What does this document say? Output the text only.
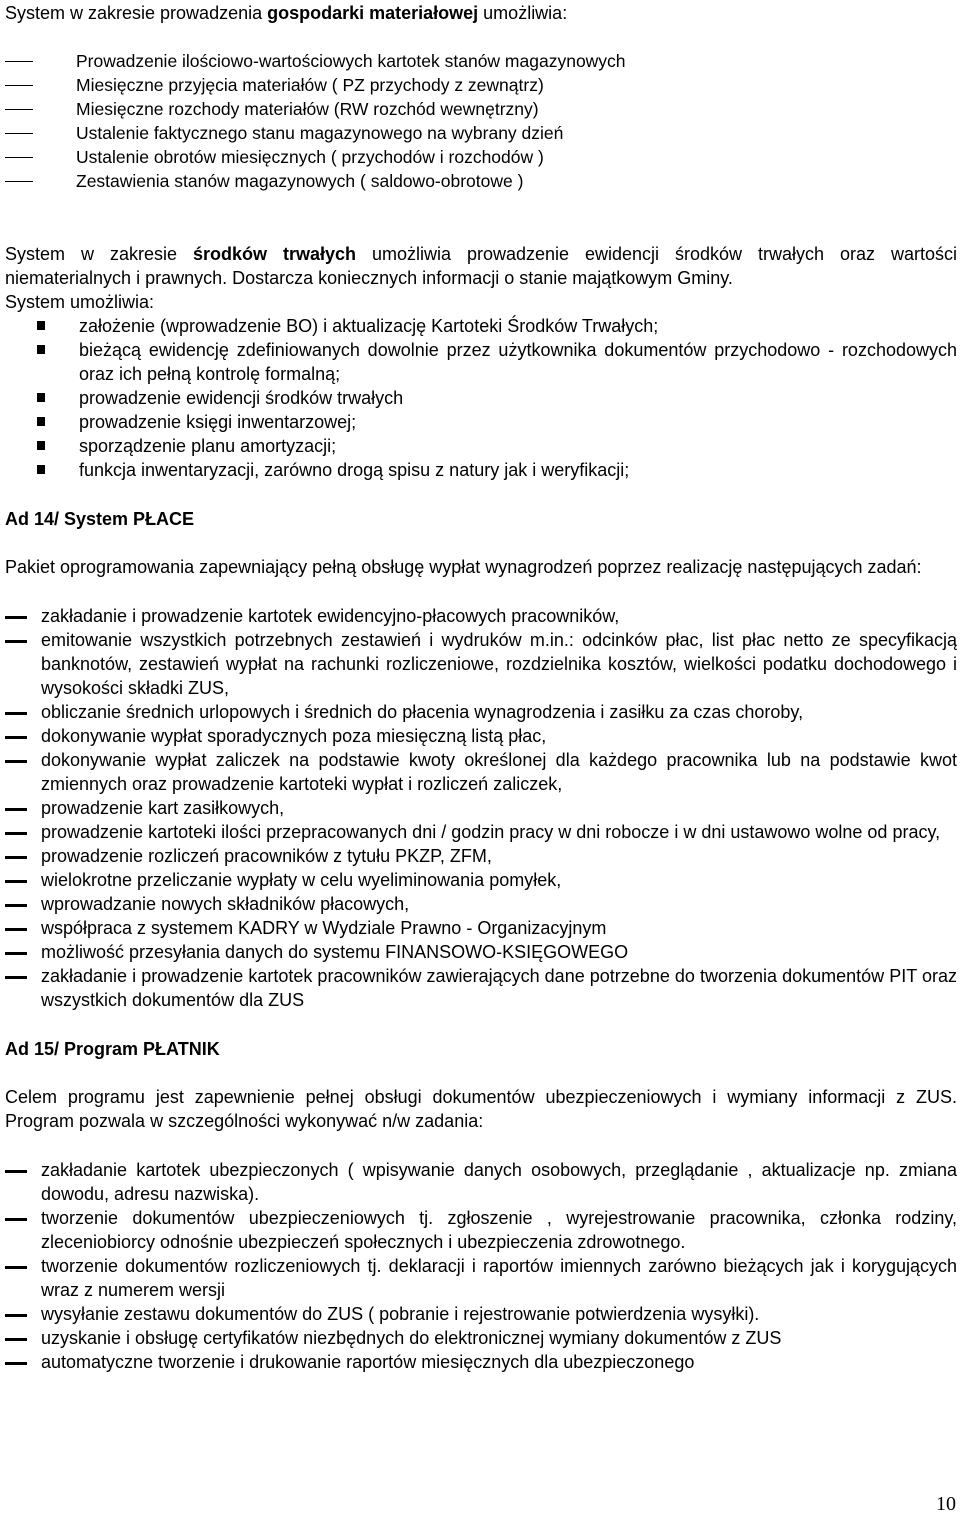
System w zakresie prowadzenia gospodarki materiałowej umożliwia:

Prowadzenie ilościowo-wartościowych kartotek stanów magazynowych
Miesięczne przyjęcia materiałów ( PZ przychody z zewnątrz)
Miesięczne rozchody materiałów (RW rozchód wewnętrzny)
Ustalenie faktycznego stanu magazynowego na wybrany dzień
Ustalenie obrotów miesięcznych ( przychodów i rozchodów )
Zestawienia stanów magazynowych ( saldowo-obrotowe )

System w zakresie środków trwałych umożliwia prowadzenie ewidencji środków trwałych oraz wartości niematerialnych i prawnych. Dostarcza koniecznych informacji o stanie majątkowym Gminy.

System umożliwia:

założenie (wprowadzenie BO) i aktualizację Kartoteki Środków Trwałych;
bieżącą ewidencję zdefiniowanych dowolnie przez użytkownika dokumentów przychodowo - rozchodowych oraz ich pełną kontrolę formalną;
prowadzenie ewidencji środków trwałych
prowadzenie księgi inwentarzowej;
sporządzenie planu amortyzacji;
funkcja inwentaryzacji, zarówno drogą spisu z natury jak i weryfikacji;

Ad 14/ System PŁACE

Pakiet oprogramowania zapewniający pełną obsługę wypłat wynagrodzeń poprzez realizację następujących zadań:

zakładanie i prowadzenie kartotek ewidencyjno-płacowych pracowników,
emitowanie wszystkich potrzebnych zestawień i wydruków m.in.: odcinków płac, list płac netto ze specyfikacją banknotów, zestawień wypłat na rachunki rozliczeniowe, rozdzielnika kosztów, wielkości podatku dochodowego i wysokości składki ZUS,
obliczanie średnich urlopowych i średnich do płacenia wynagrodzenia i zasiłku za czas choroby,
dokonywanie wypłat sporadycznych poza miesięczną listą płac,
dokonywanie wypłat zaliczek na podstawie kwoty określonej dla każdego pracownika lub na podstawie kwot zmiennych oraz prowadzenie kartoteki wypłat i rozliczeń zaliczek,
prowadzenie kart zasiłkowych,
prowadzenie kartoteki ilości przepracowanych dni / godzin pracy w dni robocze i w dni ustawowo wolne od pracy,
prowadzenie rozliczeń pracowników z tytułu PKZP, ZFM,
wielokrotne przeliczanie wypłaty w celu wyeliminowania pomyłek,
wprowadzanie nowych składników płacowych,
współpraca z systemem KADRY w Wydziale Prawno - Organizacyjnym
możliwość przesyłania danych do systemu FINANSOWO-KSIĘGOWEGO
zakładanie i prowadzenie kartotek pracowników zawierających dane potrzebne do tworzenia dokumentów PIT oraz wszystkich dokumentów dla ZUS

Ad 15/ Program PŁATNIK

Celem programu jest zapewnienie pełnej obsługi dokumentów ubezpieczeniowych i wymiany informacji z ZUS. Program pozwala w szczególności wykonywać n/w zadania:

zakładanie kartotek ubezpieczonych ( wpisywanie danych osobowych, przeglądanie , aktualizacje np. zmiana dowodu, adresu nazwiska).
tworzenie dokumentów ubezpieczeniowych tj. zgłoszenie , wyrejestrowanie pracownika, członka rodziny, zleceniobiorcy odnośnie ubezpieczeń społecznych i ubezpieczenia zdrowotnego.
tworzenie dokumentów rozliczeniowych tj. deklaracji i raportów imiennych zarówno bieżących jak i korygujących wraz z numerem wersji
wysyłanie zestawu dokumentów do ZUS ( pobranie i rejestrowanie potwierdzenia wysyłki).
uzyskanie i obsługę certyfikatów niezbędnych do elektronicznej wymiany dokumentów z ZUS
automatyczne tworzenie i drukowanie raportów miesięcznych dla ubezpieczonego
10
